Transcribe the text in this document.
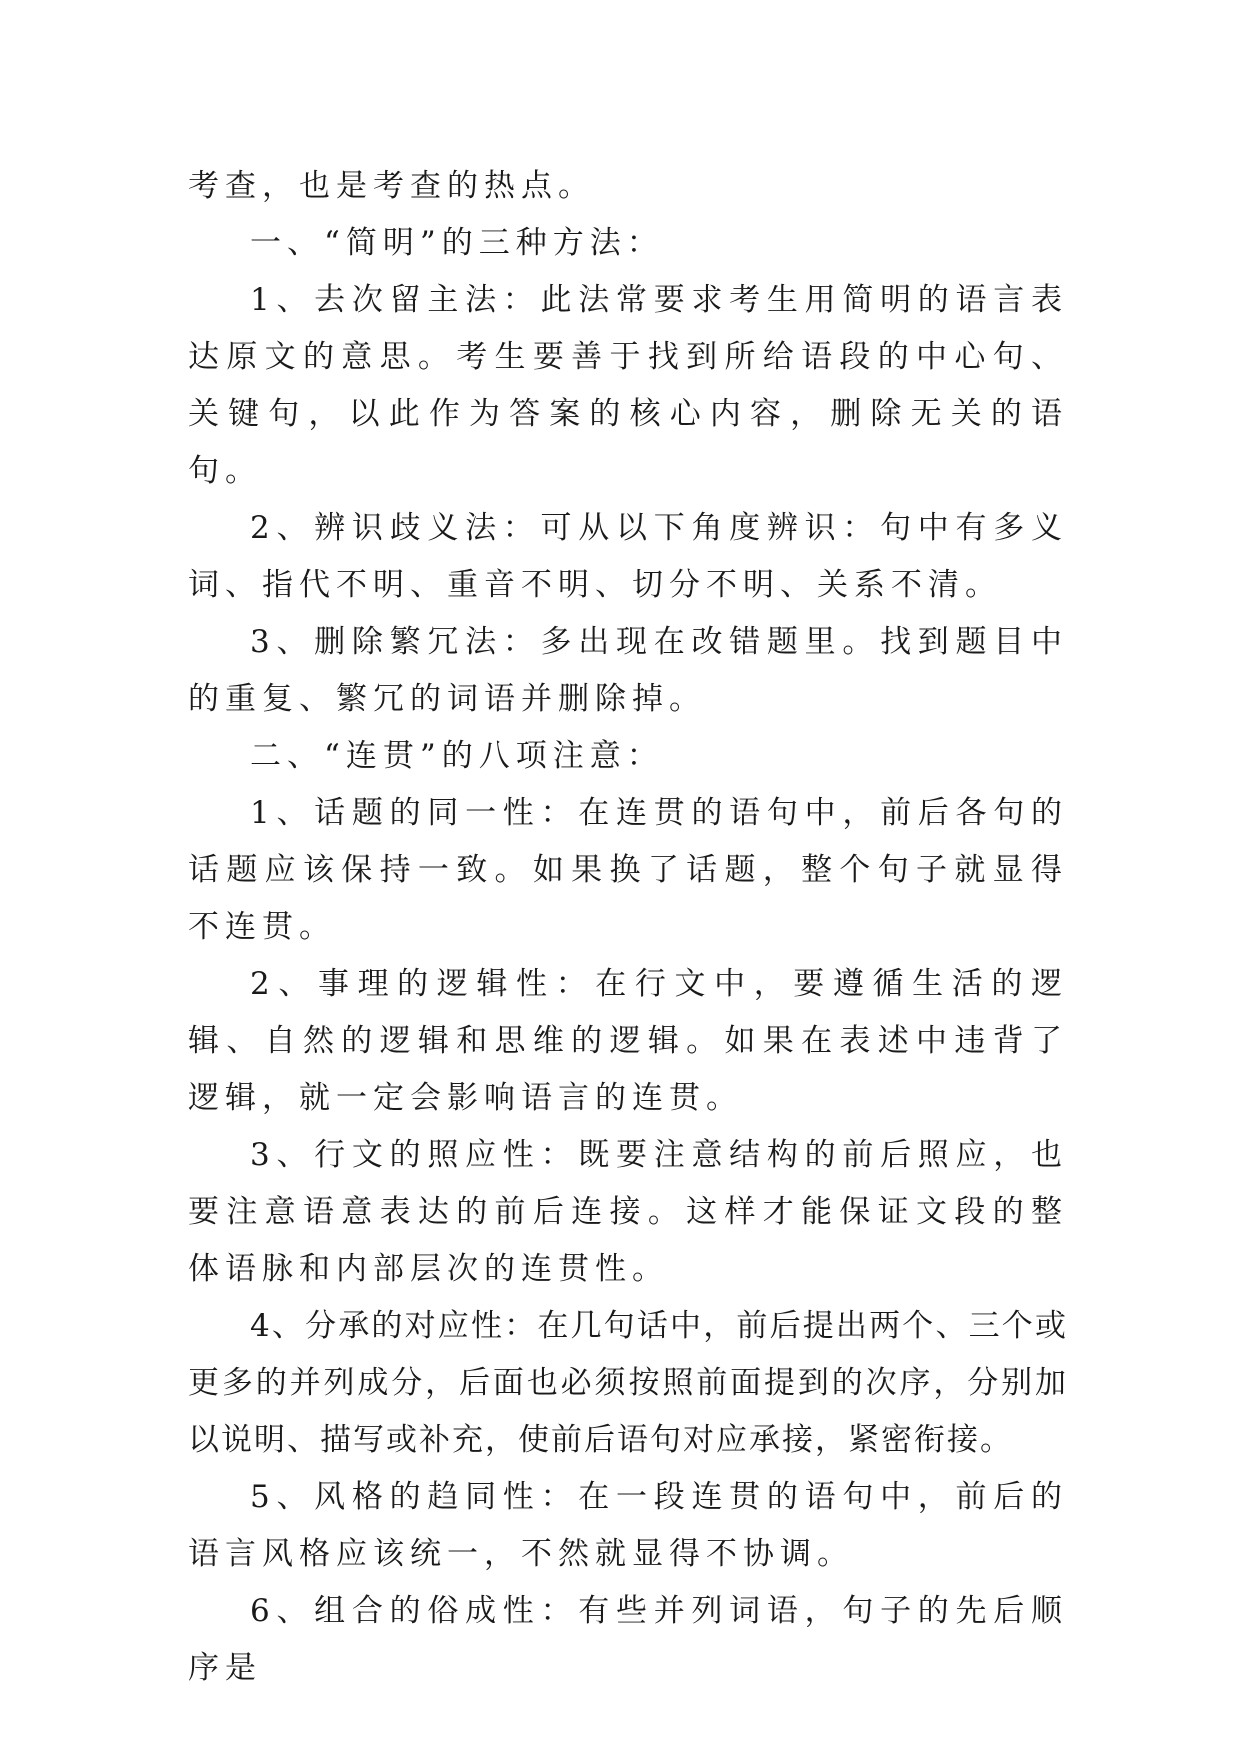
考查，也是考查的热点。

一、“简明”的三种方法：

1、去次留主法：此法常要求考生用简明的语言表达原文的意思。考生要善于找到所给语段的中心句、关键句，以此作为答案的核心内容，删除无关的语句。

2、辨识歧义法：可从以下角度辨识：句中有多义词、指代不明、重音不明、切分不明、关系不清。

3、删除繁冗法：多出现在改错题里。找到题目中的重复、繁冗的词语并删除掉。

二、“连贯”的八项注意：

1、话题的同一性：在连贯的语句中，前后各句的话题应该保持一致。如果换了话题，整个句子就显得不连贯。

2、事理的逻辑性：在行文中，要遵循生活的逻辑、自然的逻辑和思维的逻辑。如果在表述中违背了逻辑，就一定会影响语言的连贯。

3、行文的照应性：既要注意结构的前后照应，也要注意语意表达的前后连接。这样才能保证文段的整体语脉和内部层次的连贯性。

4、分承的对应性：在几句话中，前后提出两个、三个或更多的并列成分，后面也必须按照前面提到的次序，分别加以说明、描写或补充，使前后语句对应承接，紧密衔接。

5、风格的趋同性：在一段连贯的语句中，前后的语言风格应该统一，不然就显得不协调。

6、组合的俗成性：有些并列词语，句子的先后顺序是
